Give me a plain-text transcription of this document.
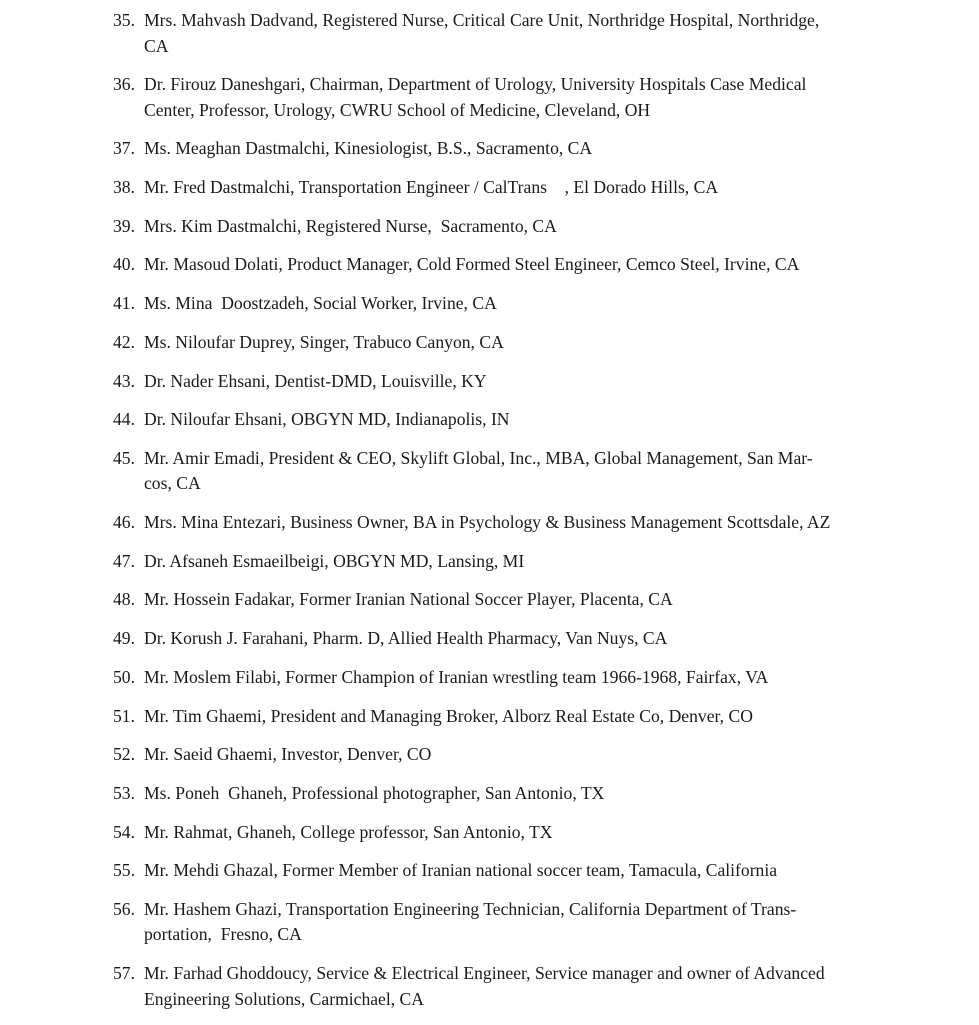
35. Mrs. Mahvash Dadvand, Registered Nurse, Critical Care Unit, Northridge Hospital, Northridge,
CA
36. Dr. Firouz Daneshgari, Chairman, Department of Urology, University Hospitals Case Medical
Center, Professor, Urology, CWRU School of Medicine, Cleveland, OH
37. Ms. Meaghan Dastmalchi, Kinesiologist, B.S., Sacramento, CA
38. Mr. Fred Dastmalchi, Transportation Engineer / CalTrans    , El Dorado Hills, CA
39. Mrs. Kim Dastmalchi, Registered Nurse,  Sacramento, CA
40. Mr. Masoud Dolati, Product Manager, Cold Formed Steel Engineer, Cemco Steel, Irvine, CA
41. Ms. Mina  Doostzadeh, Social Worker, Irvine, CA
42. Ms. Niloufar Duprey, Singer, Trabuco Canyon, CA
43. Dr. Nader Ehsani, Dentist-DMD, Louisville, KY
44. Dr. Niloufar Ehsani, OBGYN MD, Indianapolis, IN
45. Mr. Amir Emadi, President & CEO, Skylift Global, Inc., MBA, Global Management, San Mar-
cos, CA
46. Mrs. Mina Entezari, Business Owner, BA in Psychology & Business Management Scottsdale, AZ
47. Dr. Afsaneh Esmaeilbeigi, OBGYN MD, Lansing, MI
48. Mr. Hossein Fadakar, Former Iranian National Soccer Player, Placenta, CA
49. Dr. Korush J. Farahani, Pharm. D, Allied Health Pharmacy, Van Nuys, CA
50. Mr. Moslem Filabi, Former Champion of Iranian wrestling team 1966-1968, Fairfax, VA
51. Mr. Tim Ghaemi, President and Managing Broker, Alborz Real Estate Co, Denver, CO
52. Mr. Saeid Ghaemi, Investor, Denver, CO
53. Ms. Poneh  Ghaneh, Professional photographer, San Antonio, TX
54. Mr. Rahmat, Ghaneh, College professor, San Antonio, TX
55. Mr. Mehdi Ghazal, Former Member of Iranian national soccer team, Tamacula, California
56. Mr. Hashem Ghazi, Transportation Engineering Technician, California Department of Trans-
portation,  Fresno, CA
57. Mr. Farhad Ghoddoucy, Service & Electrical Engineer, Service manager and owner of Advanced
Engineering Solutions, Carmichael, CA
